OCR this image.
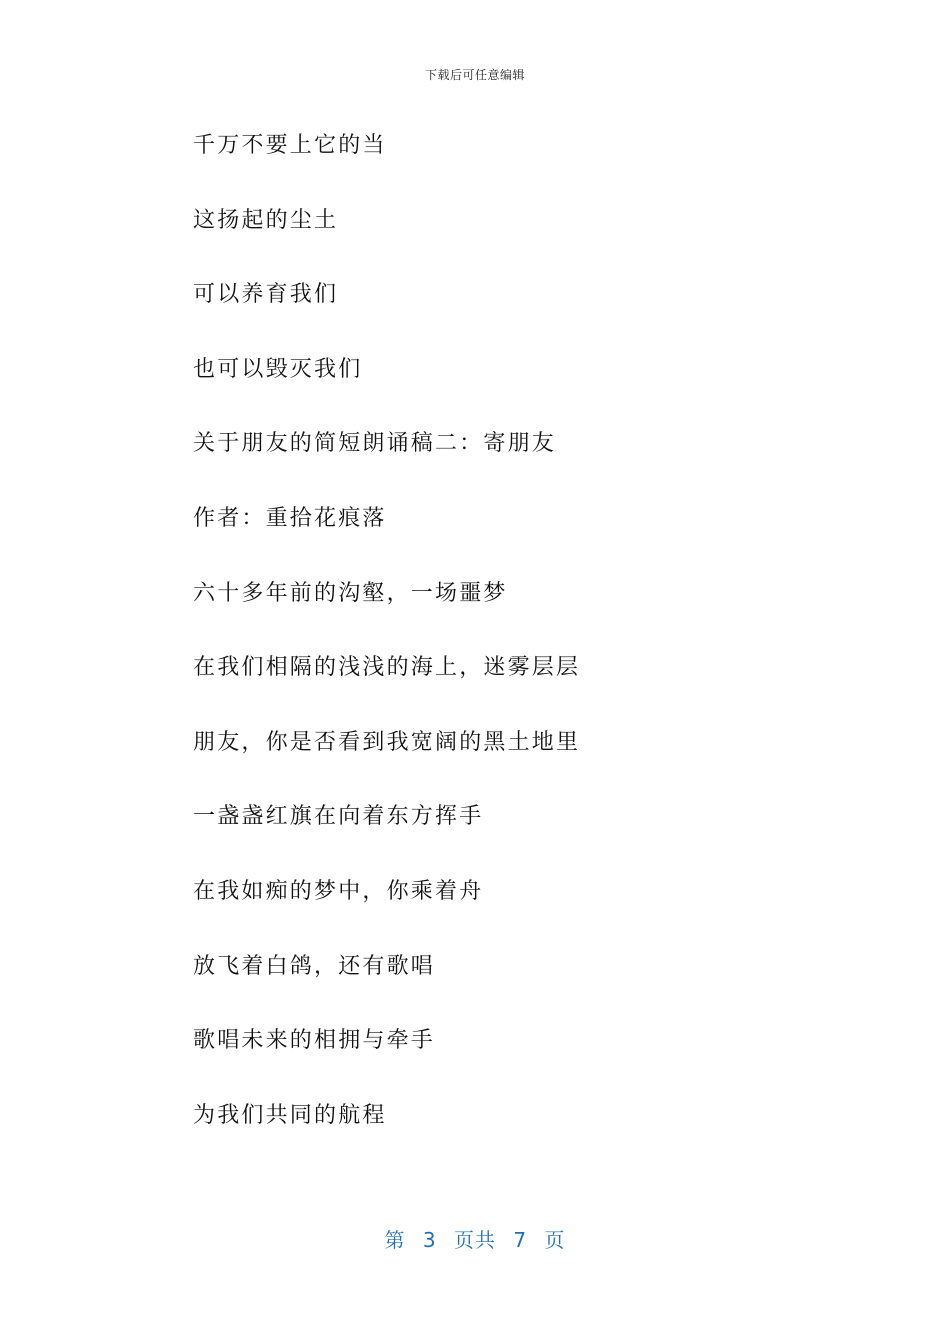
下载后可任意编辑
千万不要上它的当
这扬起的尘土
可以养育我们
也可以毁灭我们
关于朋友的简短朗诵稿二：寄朋友
作者：重拾花痕落
六十多年前的沟壑，一场噩梦
在我们相隔的浅浅的海上，迷雾层层
朋友，你是否看到我宽阔的黑土地里
一盏盏红旗在向着东方挥手
在我如痴的梦中，你乘着舟
放飞着白鸽，还有歌唱
歌唱未来的相拥与牵手
为我们共同的航程
第 3 页共 7 页
